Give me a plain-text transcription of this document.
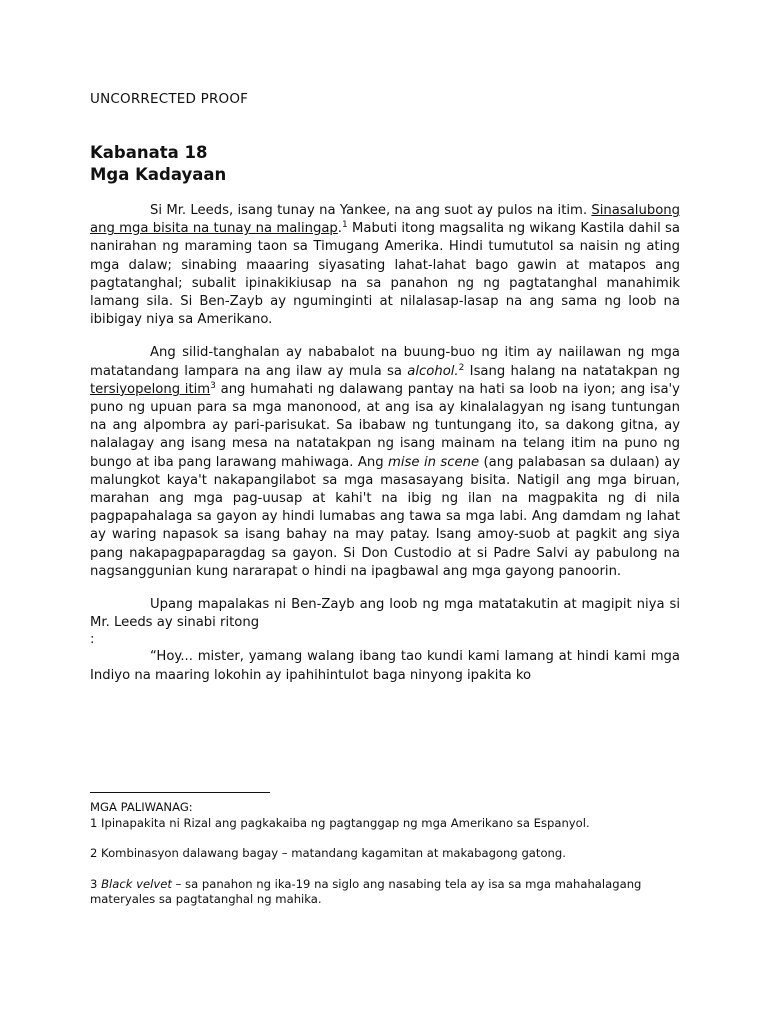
UNCORRECTED PROOF
Kabanata 18
Mga Kadayaan

Si Mr. Leeds, isang tunay na Yankee, na ang suot ay pulos na itim. Sinasalubong ang mga bisita na tunay na malingap.$^1$ Mabuti itong magsalita ng wikang Kastila dahil sa nanirahan ng maraming taon sa Timugang Amerika. Hindi tumututol sa naisin ng ating mga dalaw; sinabing maaaring siyasating lahat-lahat bago gawin at matapos ang pagtatanghal; subalit ipinakikiusap na sa panahon ng ng pagtatanghal manahimik lamang sila. Si Ben-Zayb ay nguminginti at nilalasap-lasap na ang sama ng loob na ibibigay niya sa Amerikano.

Ang silid-tanghalan ay nababalot na buung-buo ng itim ay naiilawan ng mga matatandang lampara na ang ilaw ay mula sa alcohol.$^2$ Isang halang na natatakpan ng tersiyopelong itim$^3$ ang humahati ng dalawang pantay na hati sa loob na iyon; ang isa'y puno ng upuan para sa mga manonood, at ang isa ay kinalalagyan ng isang tuntungan na ang alpombra ay pari-parisukat. Sa ibabaw ng tuntungang ito, sa dakong gitna, ay nalalagay ang isang mesa na natatakpan ng isang mainam na telang itim na puno ng bungo at iba pang larawang mahiwaga. Ang mise in scene (ang palabasan sa dulaan) ay malungkot kaya't nakapangilabot sa mga masasayang bisita. Natigil ang mga biruan, marahan ang mga pag-uusap at kahi't na ibig ng ilan na magpakita ng di nila pagpapahalaga sa gayon ay hindi lumabas ang tawa sa mga labi. Ang damdam ng lahat ay waring napasok sa isang bahay na may patay. Isang amoy-suob at pagkit ang siya pang nakapagpaparagdag sa gayon. Si Don Custodio at si Padre Salvi ay pabulong na nagsanggunian kung nararapat o hindi na ipagbawal ang mga gayong panoorin.

Upang mapalakas ni Ben-Zayb ang loob ng mga matatakutin at magipit niya si Mr. Leeds ay sinabi ritong

:

“Hoy... mister, yamang walang ibang tao kundi kami lamang at hindi kami mga Indiyo na maaring lokohin ay ipahihintulot baga ninyong ipakita ko

MGA PALIWANAG:

1 Ipinapakita ni Rizal ang pagkakaiba ng pagtanggap ng mga Amerikano sa Espanyol.

2 Kombinasyon dalawang bagay – matandang kagamitan at makabagong gatong.

3 Black velvet – sa panahon ng ika-19 na siglo ang nasabing tela ay isa sa mga mahahalagang materyales sa pagtatanghal ng mahika.
